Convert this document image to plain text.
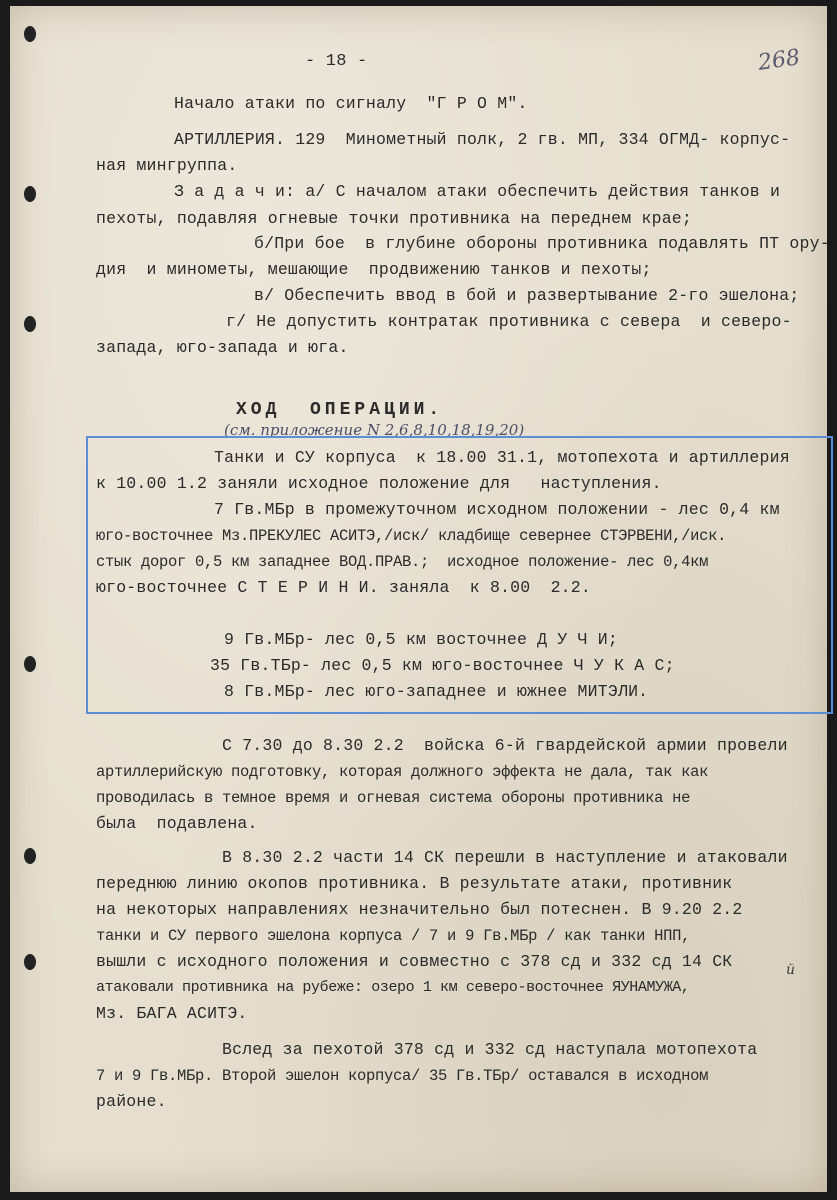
- 18 -	268
Начало атаки по сигналу  "Г Р О М".
АРТИЛЛЕРИЯ. 129  Минометный полк, 2 гв. МП, 334 ОГМД- корпус-
ная мингруппа.
З а д а ч и: а/ С началом атаки обеспечить действия танков и
пехоты, подавляя огневые точки противника на переднем крае;
б/При бое  в глубине обороны противника подавлять ПТ ору-
дия  и минометы, мешающие  продвижению танков и пехоты;
в/ Обеспечить ввод в бой и развертывание 2-го эшелона;
г/ Не допустить контратак противника с севера  и северо-
запада, юго-запада и юга.
ХОД  ОПЕРАЦИИ.
(см. приложение N 2,6,8,10,18,19,20)
Танки и СУ корпуса  к 18.00 31.1, мотопехота и артиллерия
к 10.00 1.2 заняли исходное положение для   наступления.
7 Гв.МБр в промежуточном исходном положении - лес 0,4 км
юго-восточнее Мз.ПРЕКУЛЕС АСИТЭ,/иск/ кладбище севернее СТЭРВЕНИ,/иск.
стык дорог 0,5 км западнее ВОД.ПРАВ.;  исходное положение- лес 0,4км
юго-восточнее С Т Е Р И Н И. заняла  к 8.00  2.2.
9 Гв.МБр- лес 0,5 км восточнее Д У Ч И;
35 Гв.ТБр- лес 0,5 км юго-восточнее Ч У К А С;
8 Гв.МБр- лес юго-западнее и южнее МИТЭЛИ.
С 7.30 до 8.30 2.2  войска 6-й гвардейской армии провели
артиллерийскую подготовку, которая должного эффекта не дала, так как
проводилась в темное время и огневая система обороны противника не
была  подавлена.
В 8.30 2.2 части 14 СК перешли в наступление и атаковали
переднюю линию окопов противника. В результате атаки, противник
на некоторых направлениях незначительно был потеснен. В 9.20 2.2
танки и СУ первого эшелона корпуса / 7 и 9 Гв.МБр / как танки НПП,
вышли с исходного положения и совместно с 378 сд и 332 сд 14 СК
атаковали противника на рубеже: озеро 1 км северо-восточнее ЯУНАМУЖА,
Мз. БАГА АСИТЭ.
Вслед за пехотой 378 сд и 332 сд наступала мотопехота
7 и 9 Гв.МБр. Второй эшелон корпуса/ 35 Гв.ТБр/ оставался в исходном
районе.
й
